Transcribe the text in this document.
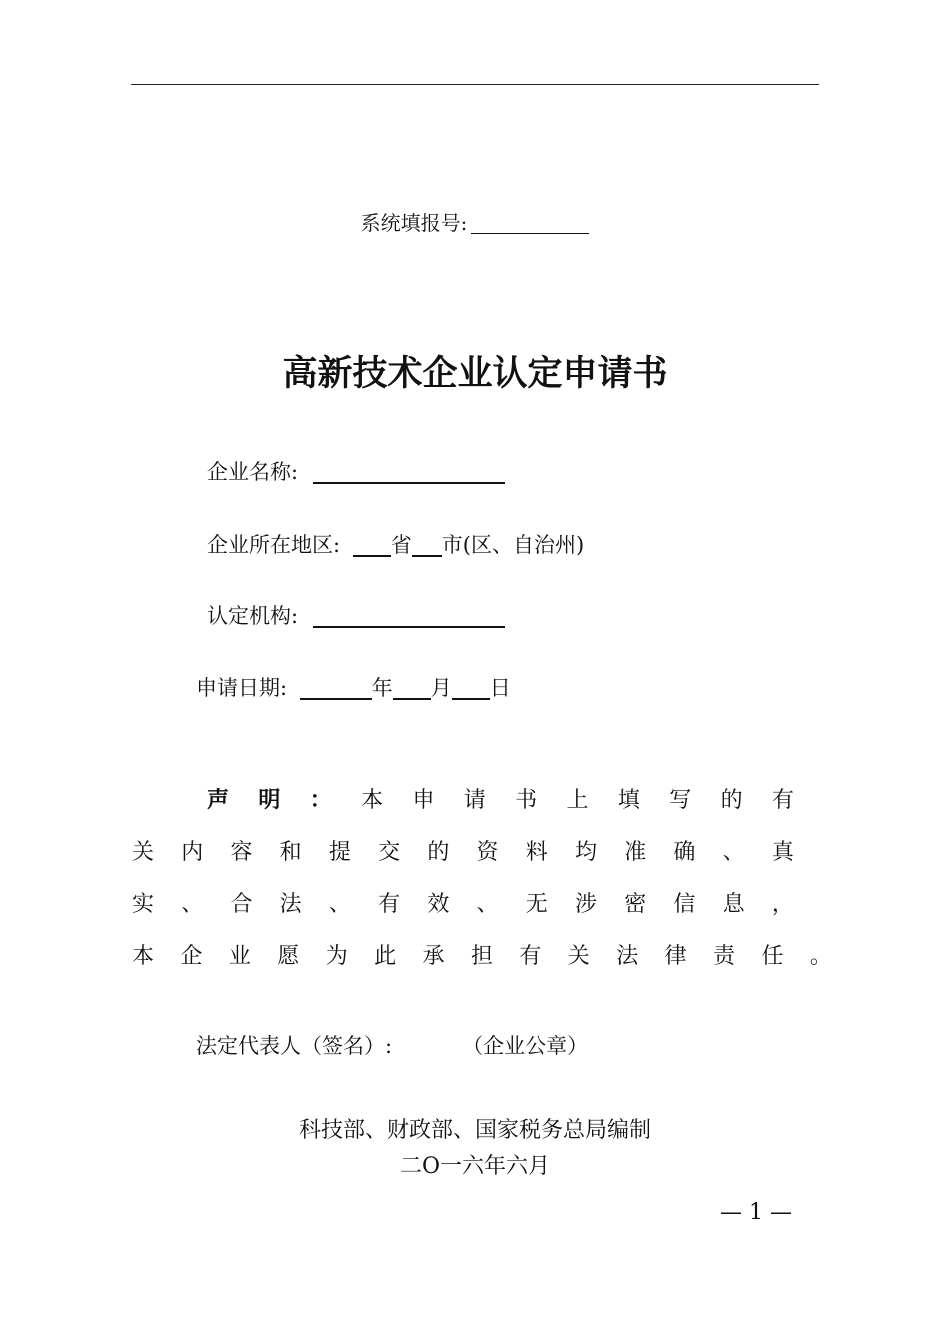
系统填报号:
高新技术企业认定申请书
企业名称:
企业所在地区: 省 市(区、自治州)
认定机构:
申请日期:	年 月 日
声 明 ： 本 申 请 书 上 填 写 的 有
关 内 容 和 提 交 的 资 料 均 准 确 、 真
实 、 合 法 、 有 效 、 无 涉 密 信 息 ，
本 企 业 愿 为 此 承 担 有 关 法 律 责 任 。
法定代表人（签名）:	（企业公章）
科技部、财政部、国家税务总局编制
二O一六年六月
— 1 —
